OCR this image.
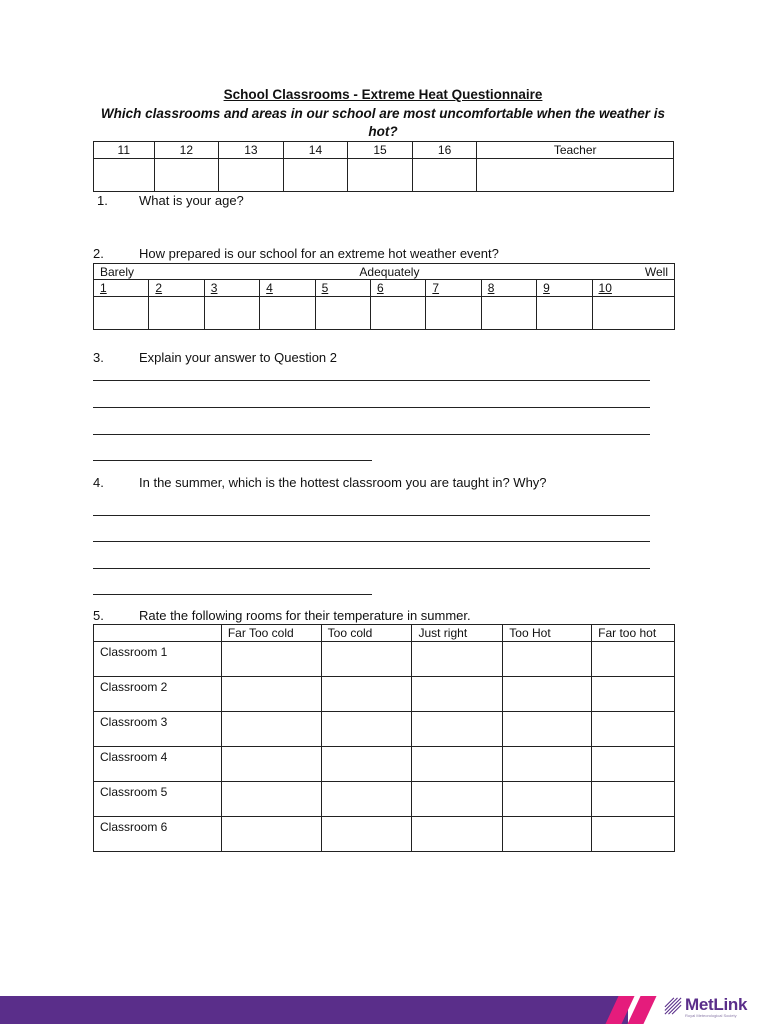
School Classrooms - Extreme Heat Questionnaire
Which classrooms and areas in our school are most uncomfortable when the weather is hot?
11	12	13	14	15	16	Teacher

1. What is your age?
2.	How prepared is our school for an extreme hot weather event?
Barely Adequately Well									

1	2	3	4	5	6	7	8	9	10

3.	Explain your answer to Question 2
4.	In the summer, which is the hottest classroom you are taught in? Why?
5.	Rate the following rooms for their temperature in summer.
	Far Too cold	Too cold	Just right	Too Hot	Far too hot
Classroom 1					
Classroom 2					
Classroom 3					
Classroom 4					
Classroom 5					
Classroom 6					
MetLink
Royal Meteorological Society
